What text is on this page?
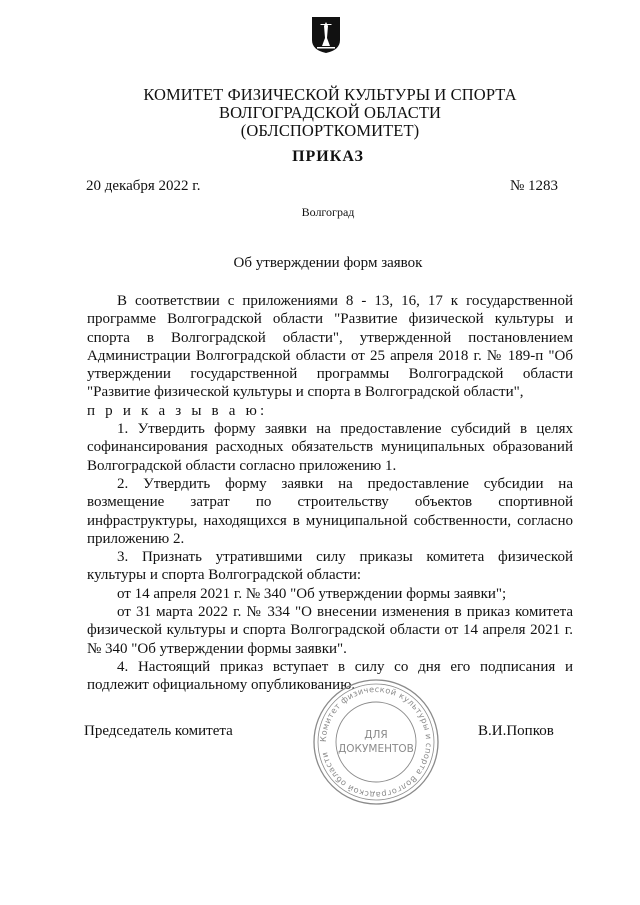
КОМИТЕТ ФИЗИЧЕСКОЙ КУЛЬТУРЫ И СПОРТА
ВОЛГОГРАДСКОЙ ОБЛАСТИ
(ОБЛСПОРТКОМИТЕТ)
ПРИКАЗ
20 декабря 2022 г.	№ 1283
Волгоград
Об утверждении форм заявок

В соответствии с приложениями 8 - 13, 16, 17 к государственной программе Волгоградской области "Развитие физической культуры и спорта в Волгоградской области", утвержденной постановлением Администрации Волгоградской области от 25 апреля 2018 г. № 189-п "Об утверждении государственной программы Волгоградской области "Развитие физической культуры и спорта в Волгоградской области",

п р и к а з ы в а ю:

1. Утвердить форму заявки на предоставление субсидий в целях софинансирования расходных обязательств муниципальных образований Волгоградской области согласно приложению 1.

2. Утвердить форму заявки на предоставление субсидии на возмещение затрат по строительству объектов спортивной инфраструктуры, находящихся в муниципальной собственности, согласно приложению 2.

3. Признать утратившими силу приказы комитета физической культуры и спорта Волгоградской области:

от 14 апреля 2021 г. № 340 "Об утверждении формы заявки";

от 31 марта 2022 г. № 334 "О внесении изменения в приказ комитета физической культуры и спорта Волгоградской области от 14 апреля 2021 г. № 340 "Об утверждении формы заявки".

4. Настоящий приказ вступает в силу со дня его подписания и подлежит официальному опубликованию.

Председатель комитета	Комитет физической культуры и спорта Волгоградской области
ДЛЯ
ДОКУМЕНТОВ
В.И.Попков
